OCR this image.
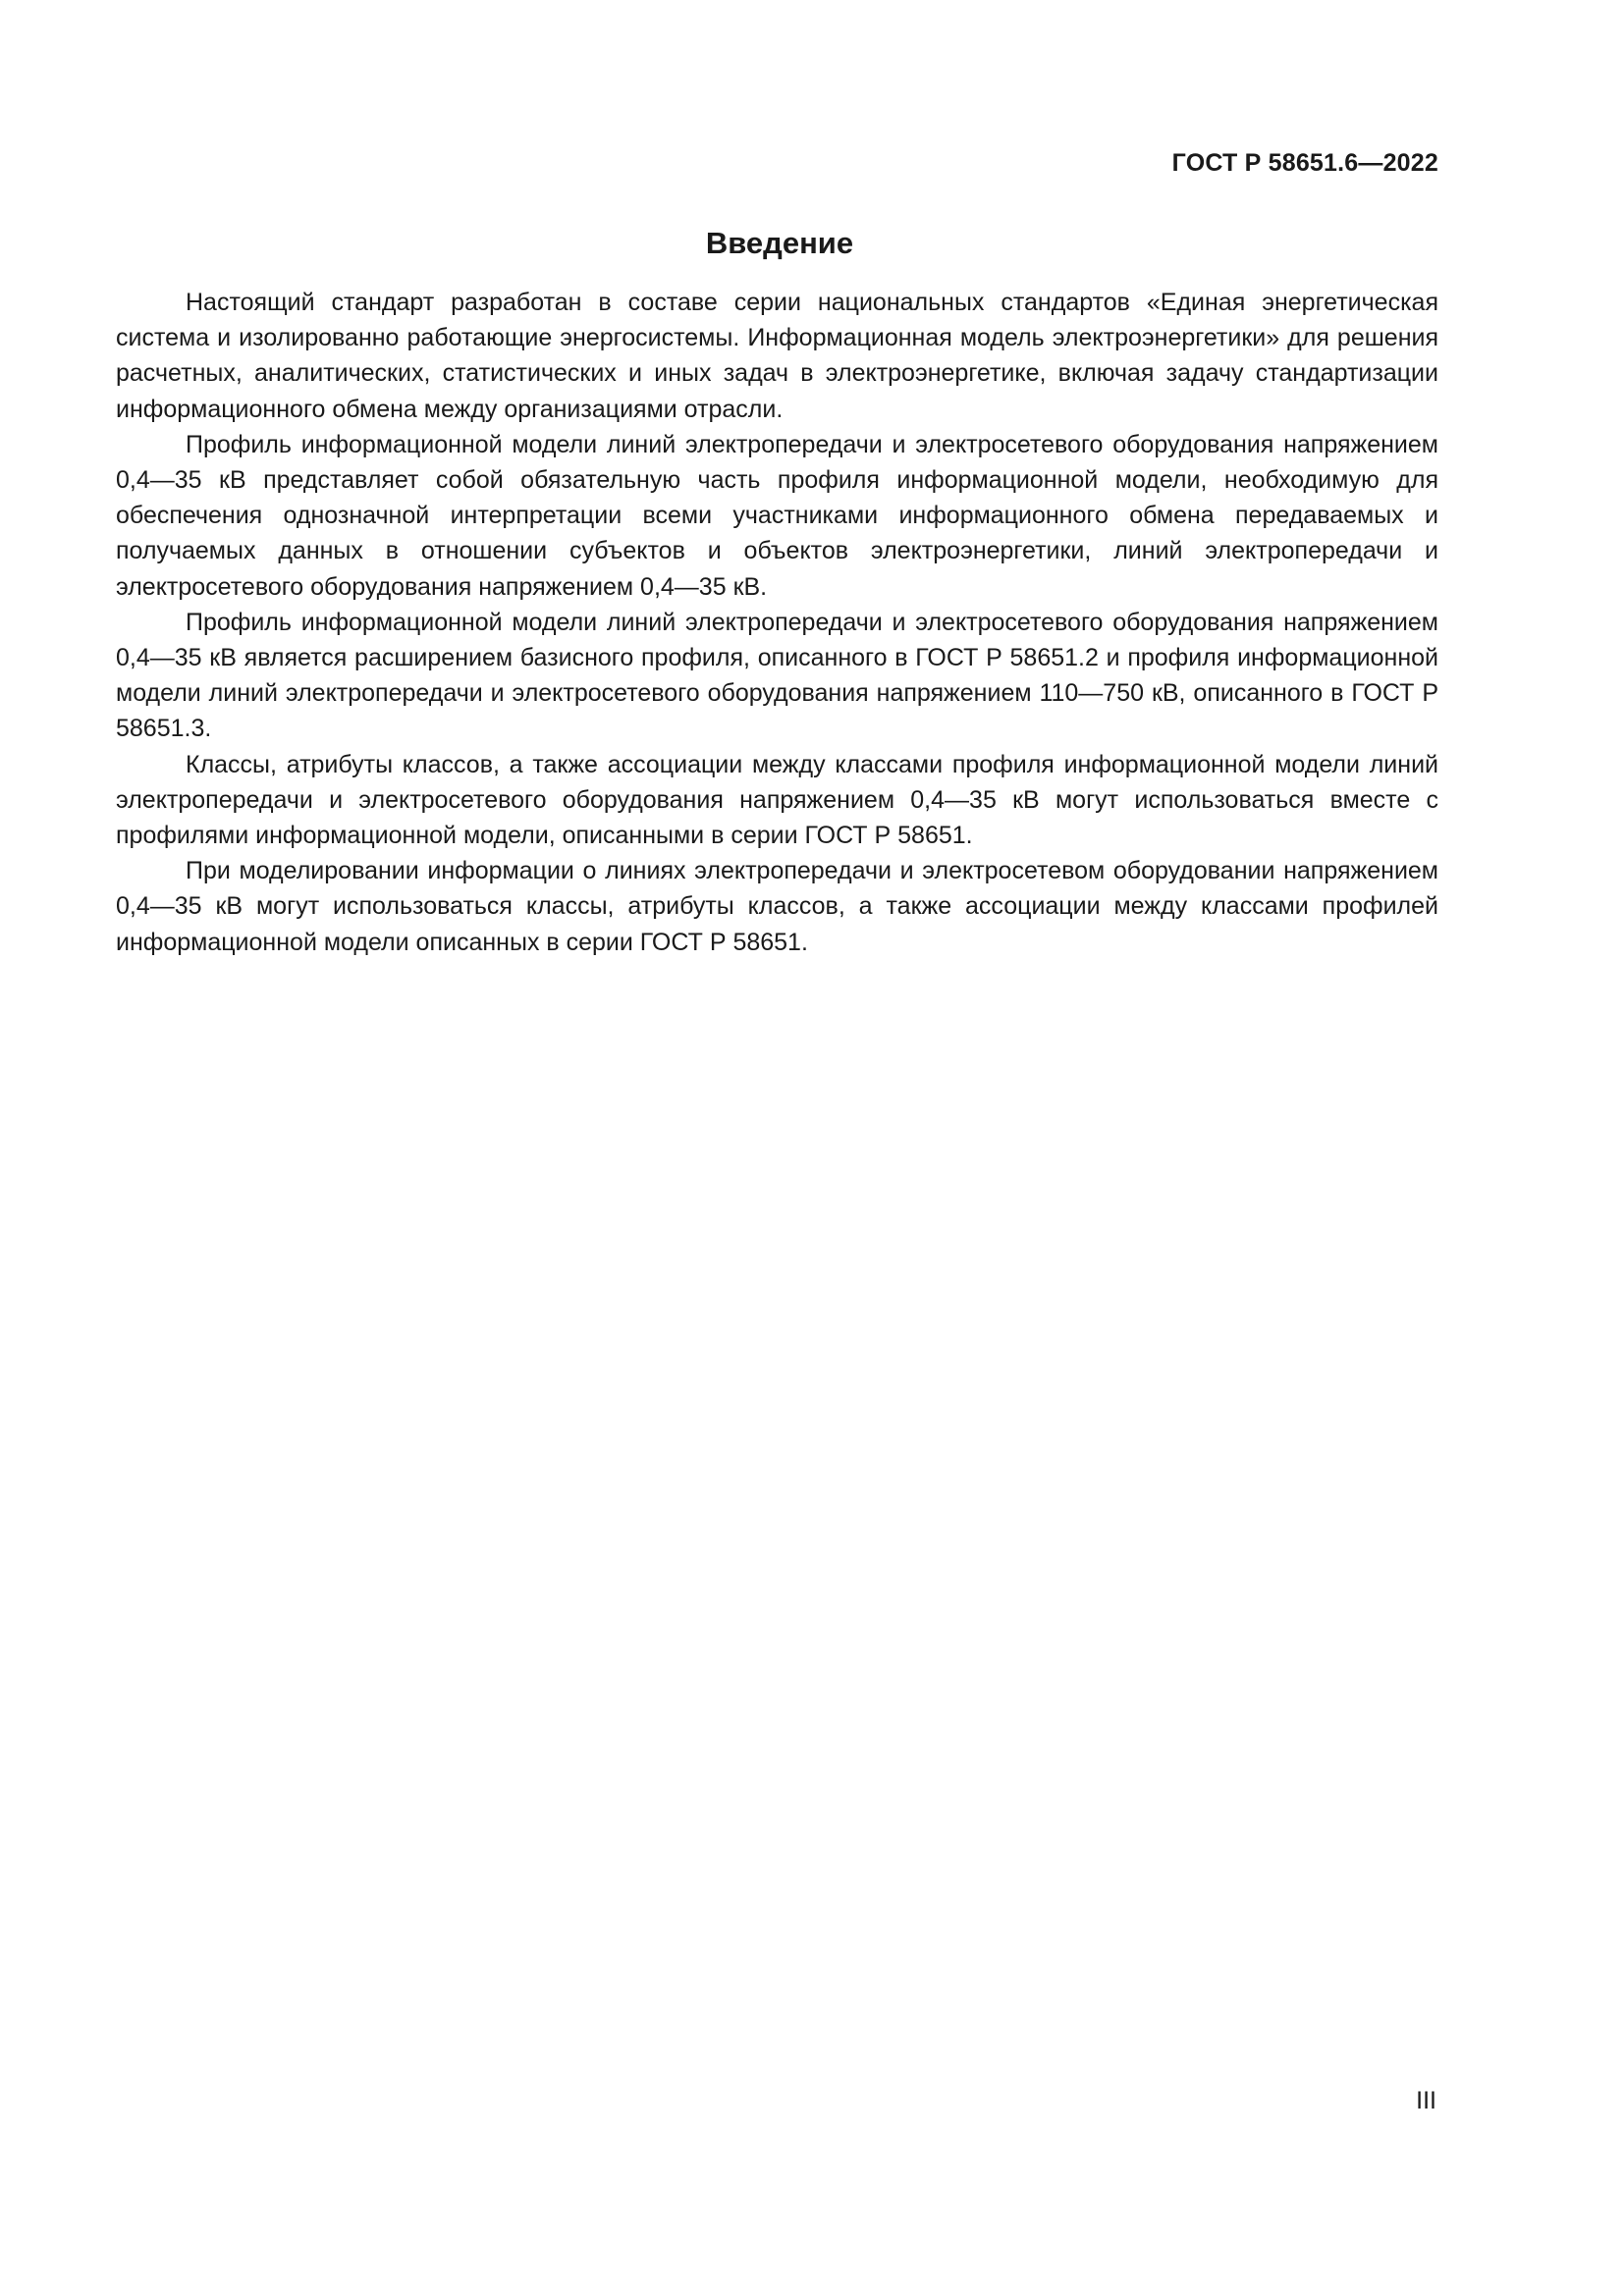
ГОСТ Р 58651.6—2022
Введение

Настоящий стандарт разработан в составе серии национальных стандартов «Единая энергетическая система и изолированно работающие энергосистемы. Информационная модель электроэнергетики» для решения расчетных, аналитических, статистических и иных задач в электроэнергетике, включая задачу стандартизации информационного обмена между организациями отрасли.

Профиль информационной модели линий электропередачи и электросетевого оборудования напряжением 0,4—35 кВ представляет собой обязательную часть профиля информационной модели, необходимую для обеспечения однозначной интерпретации всеми участниками информационного обмена передаваемых и получаемых данных в отношении субъектов и объектов электроэнергетики, линий электропередачи и электросетевого оборудования напряжением 0,4—35 кВ.

Профиль информационной модели линий электропередачи и электросетевого оборудования напряжением 0,4—35 кВ является расширением базисного профиля, описанного в ГОСТ Р 58651.2 и профиля информационной модели линий электропередачи и электросетевого оборудования напряжением 110—750 кВ, описанного в ГОСТ Р 58651.3.

Классы, атрибуты классов, а также ассоциации между классами профиля информационной модели линий электропередачи и электросетевого оборудования напряжением 0,4—35 кВ могут использоваться вместе с профилями информационной модели, описанными в серии ГОСТ Р 58651.

При моделировании информации о линиях электропередачи и электросетевом оборудовании напряжением 0,4—35 кВ могут использоваться классы, атрибуты классов, а также ассоциации между классами профилей информационной модели описанных в серии ГОСТ Р 58651.

III
